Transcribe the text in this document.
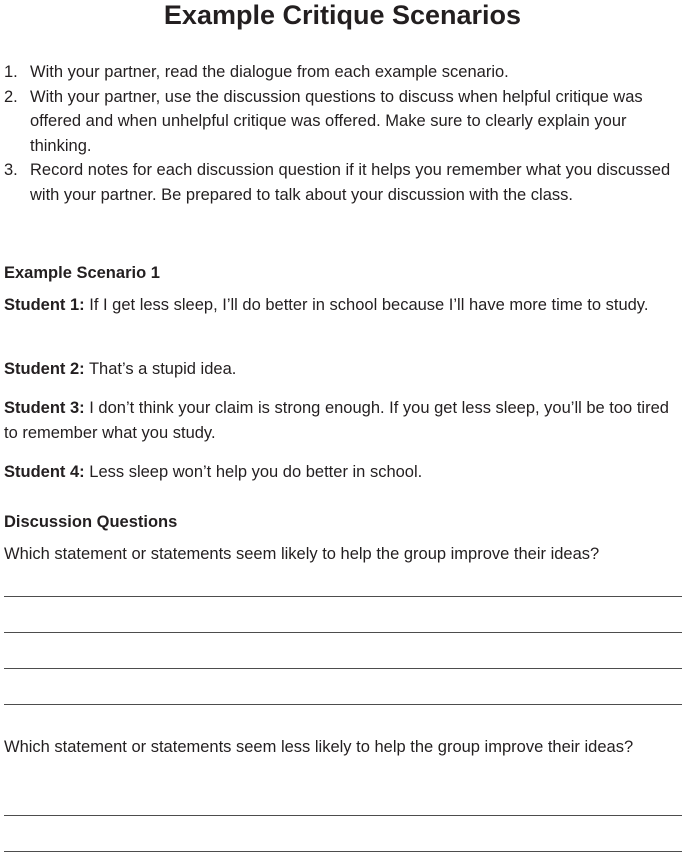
Example Critique Scenarios
1. With your partner, read the dialogue from each example scenario.
2. With your partner, use the discussion questions to discuss when helpful critique was offered and when unhelpful critique was offered. Make sure to clearly explain your thinking.
3. Record notes for each discussion question if it helps you remember what you discussed with your partner. Be prepared to talk about your discussion with the class.
Example Scenario 1
Student 1: If I get less sleep, I’ll do better in school because I’ll have more time to study.
Student 2: That’s a stupid idea.
Student 3: I don’t think your claim is strong enough. If you get less sleep, you’ll be too tired to remember what you study.
Student 4: Less sleep won’t help you do better in school.
Discussion Questions
Which statement or statements seem likely to help the group improve their ideas?
Which statement or statements seem less likely to help the group improve their ideas?
